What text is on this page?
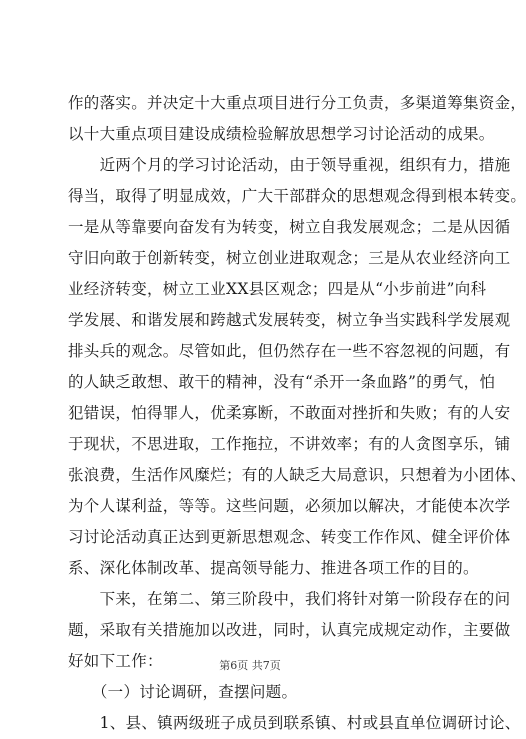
作的落实。并决定十大重点项目进行分工负责，多渠道筹集资金，
以十大重点项目建设成绩检验解放思想学习讨论活动的成果。
　　近两个月的学习讨论活动，由于领导重视，组织有力，措施
得当，取得了明显成效，广大干部群众的思想观念得到根本转变。
一是从等靠要向奋发有为转变，树立自我发展观念；二是从因循
守旧向敢于创新转变，树立创业进取观念；三是从农业经济向工
业经济转变，树立工业XX县区观念；四是从“小步前进”向科
学发展、和谐发展和跨越式发展转变，树立争当实践科学发展观
排头兵的观念。尽管如此，但仍然存在一些不容忽视的问题，有
的人缺乏敢想、敢干的精神，没有“杀开一条血路”的勇气，怕
犯错误，怕得罪人，优柔寡断，不敢面对挫折和失败；有的人安
于现状，不思进取，工作拖拉，不讲效率；有的人贪图享乐，铺
张浪费，生活作风糜烂；有的人缺乏大局意识，只想着为小团体、
为个人谋利益，等等。这些问题，必须加以解决，才能使本次学
习讨论活动真正达到更新思想观念、转变工作作风、健全评价体
系、深化体制改革、提高领导能力、推进各项工作的目的。
　　下来，在第二、第三阶段中，我们将针对第一阶段存在的问
题，采取有关措施加以改进，同时，认真完成规定动作，主要做
好如下工作：
　　（一）讨论调研，查摆问题。
　　1、县、镇两级班子成员到联系镇、村或县直单位调研讨论、
第6页 共7页
